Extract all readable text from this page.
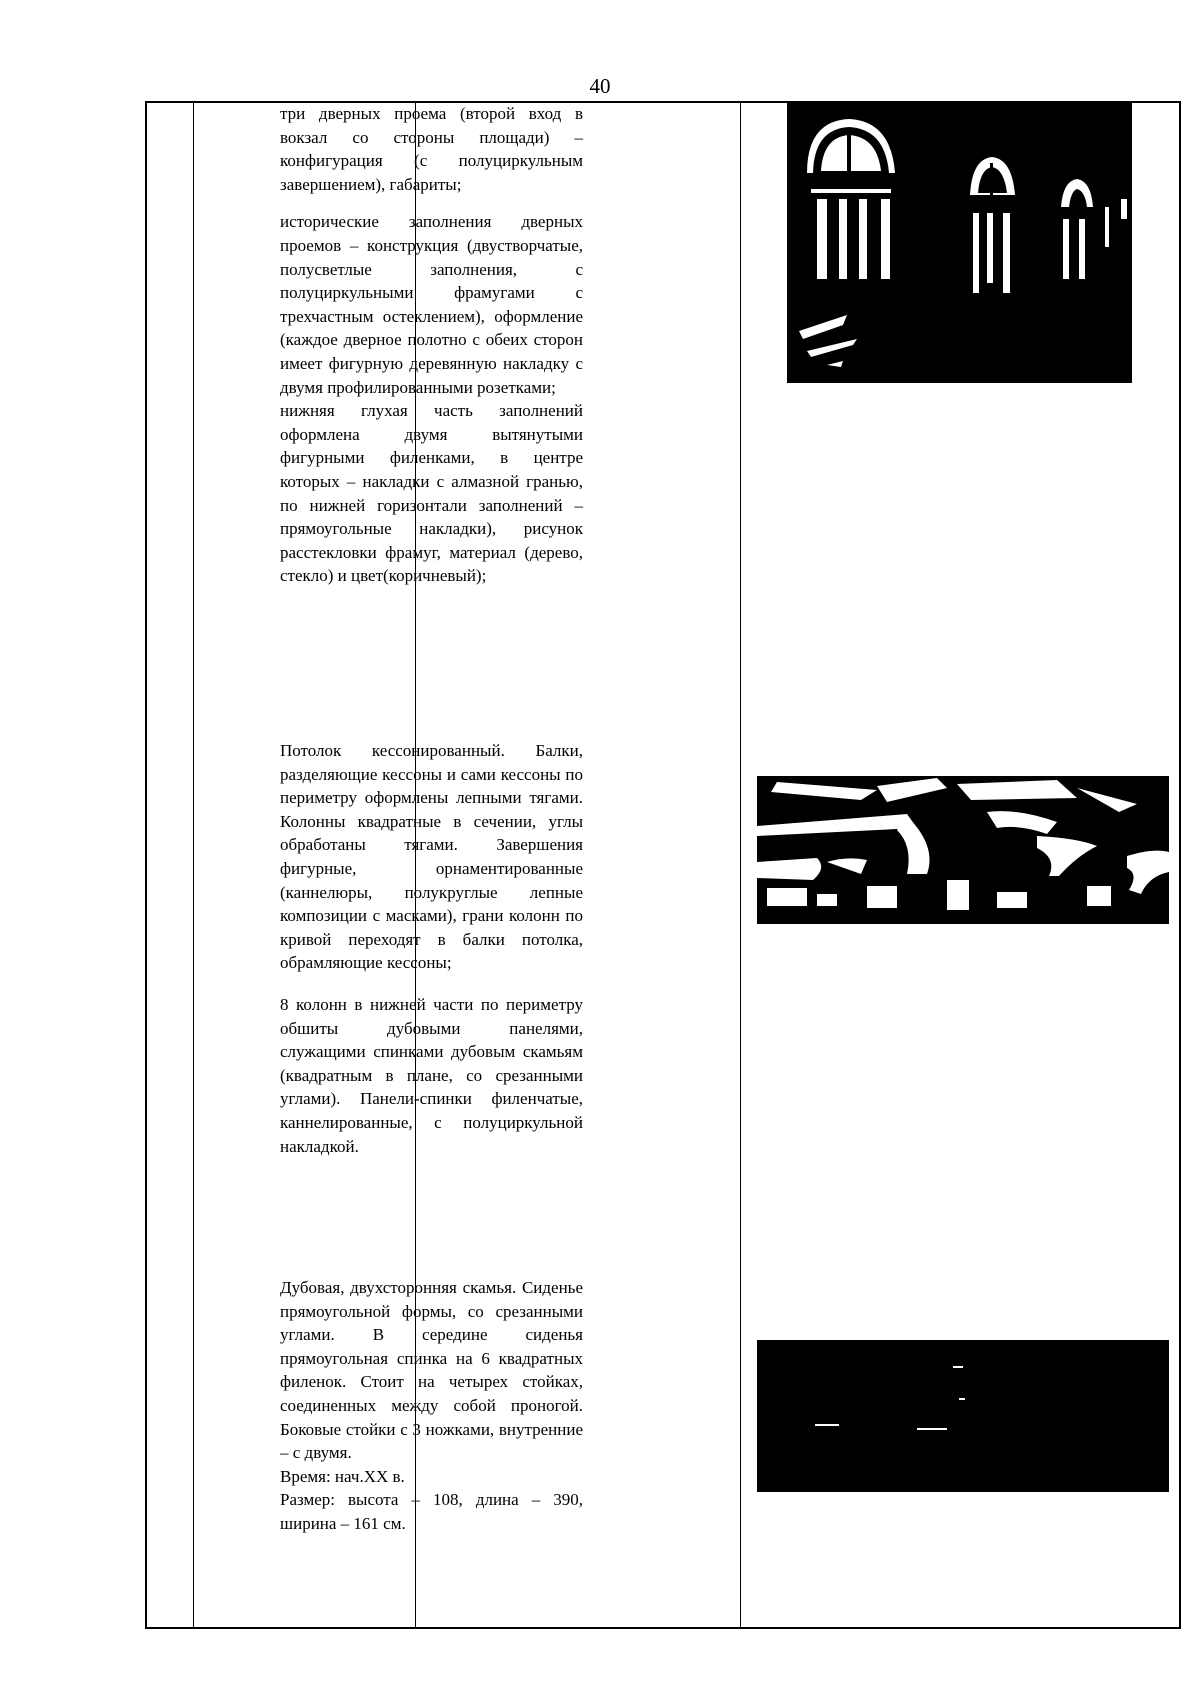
40

три дверных проема (второй вход в вокзал со стороны площади) – конфигурация (с полуциркульным завершением), габариты;

исторические заполнения дверных проемов – конструкция (двустворчатые, полусветлые заполнения, с полуциркульными фрамугами с трехчастным остеклением), оформление (каждое дверное полотно с обеих сторон имеет фигурную деревянную накладку с двумя профилированными розетками;

нижняя глухая часть заполнений оформлена двумя вытянутыми фигурными филенками, в центре которых – накладки с алмазной гранью, по нижней горизонтали заполнений – прямоугольные накладки), рисунок расстекловки фрамуг, материал (дерево, стекло) и цвет(коричневый);

Потолок кессонированный. Балки, разделяющие кессоны и сами кессоны по периметру оформлены лепными тягами. Колонны квадратные в сечении, углы обработаны тягами. Завершения фигурные, орнаментированные (каннелюры, полукруглые лепные композиции с масками), грани колонн по кривой переходят в балки потолка, обрамляющие кессоны;

8 колонн в нижней части по периметру обшиты дубовыми панелями, служащими спинками дубовым скамьям (квадратным в плане, со срезанными углами). Панели-спинки филенчатые, каннелированные, с полуциркульной накладкой.

Дубовая, двухсторонняя скамья. Сиденье прямоугольной формы, со срезанными углами. В середине сиденья прямоугольная спинка на 6 квадратных филенок. Стоит на четырех стойках, соединенных между собой проногой. Боковые стойки с 3 ножками, внутренние – с двумя.

Время: нач.XX в.

Размер: высота – 108, длина – 390, ширина – 161 см.
